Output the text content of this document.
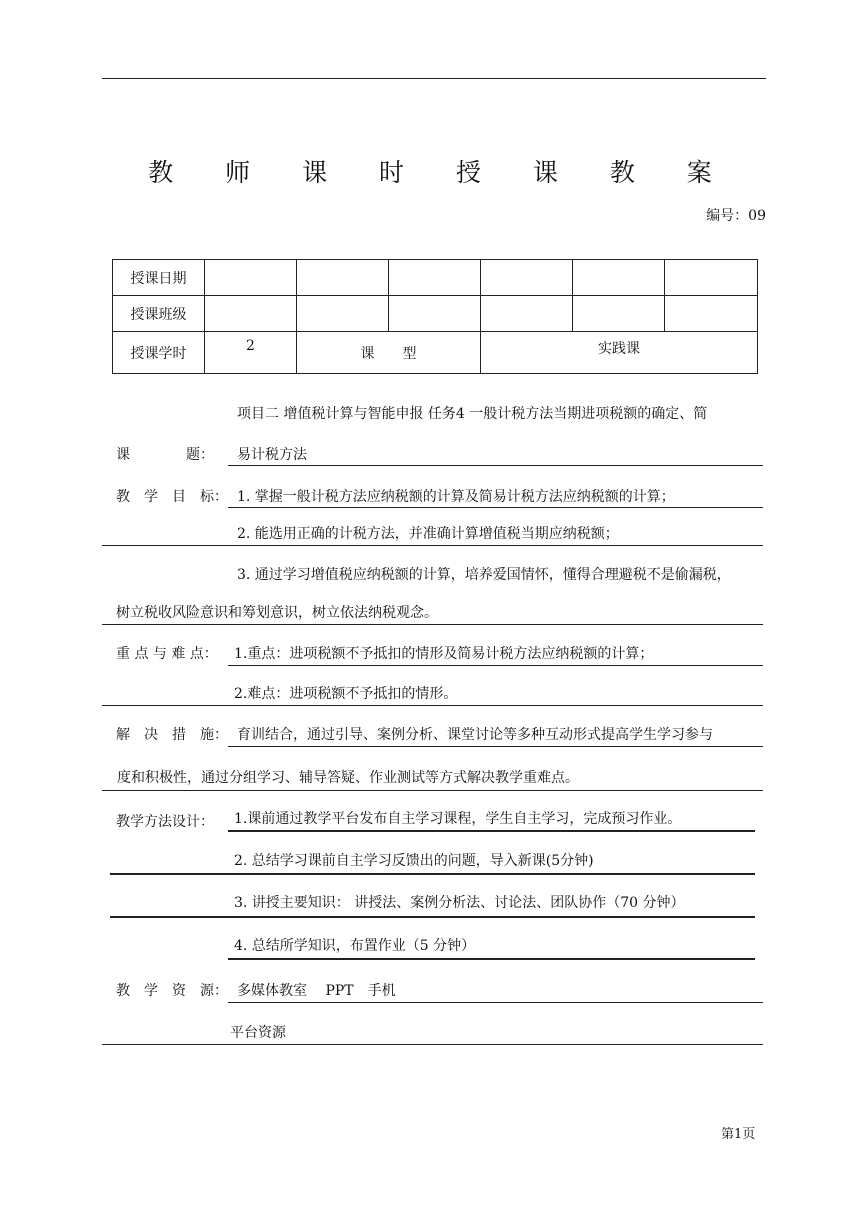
教 师 课 时 授 课 教 案
编号：09
授课日期						
授课班级						
授课学时	2	课　　型		实践课		
项目二 增值税计算与智能申报 任务4 一般计税方法当期进项税额的确定、简
课　　　　题： 易计税方法
教　学　目　标： 1. 掌握一般计税方法应纳税额的计算及简易计税方法应纳税额的计算；
2. 能选用正确的计税方法，并准确计算增值税当期应纳税额；
3. 通过学习增值税应纳税额的计算，培养爱国情怀，懂得合理避税不是偷漏税，
树立税收风险意识和筹划意识，树立依法纳税观念。
重 点 与 难 点： 1.重点：进项税额不予抵扣的情形及简易计税方法应纳税额的计算；
2.难点：进项税额不予抵扣的情形。
解　决　措　施： 育训结合，通过引导、案例分析、课堂讨论等多种互动形式提高学生学习参与
度和积极性，通过分组学习、辅导答疑、作业测试等方式解决教学重难点。
教学方法设计： 1.课前通过教学平台发布自主学习课程，学生自主学习，完成预习作业。
2. 总结学习课前自主学习反馈出的问题，导入新课(5分钟)
3. 讲授主要知识： 讲授法、案例分析法、讨论法、团队协作（70 分钟）
4. 总结所学知识，布置作业（5 分钟）
教　学　资　源： 多媒体教室　 PPT　手机
平台资源
第1页
